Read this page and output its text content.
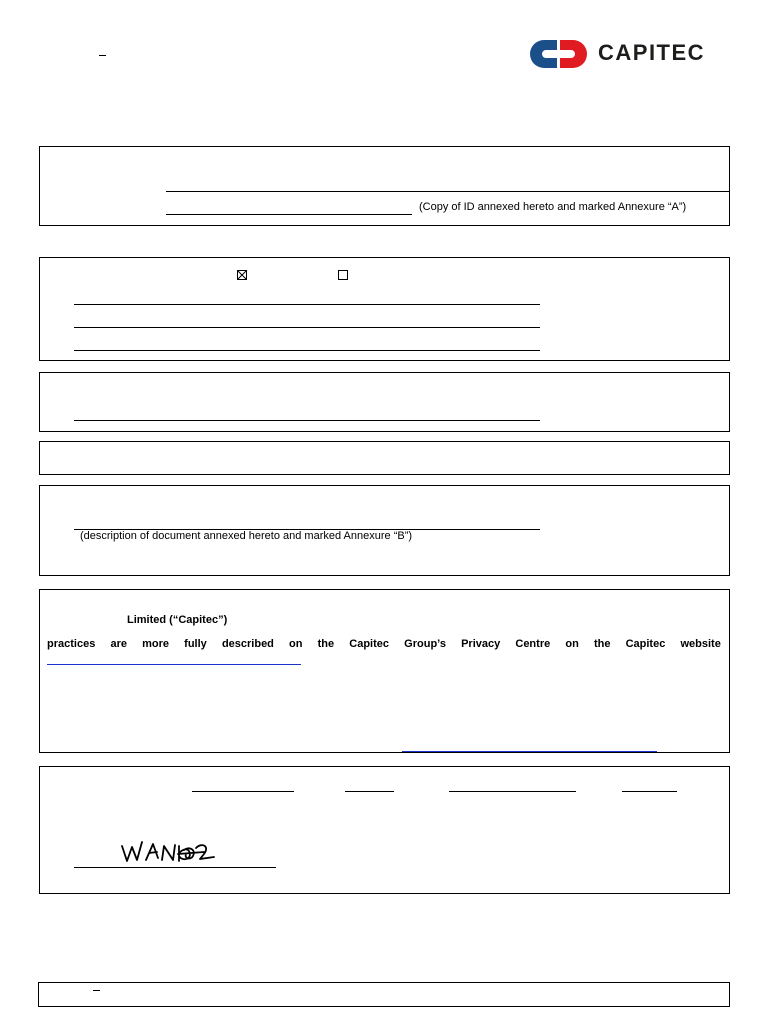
CAPITEC
(Copy of ID annexed hereto and marked Annexure “A”)
(description of document annexed hereto and marked Annexure “B”)
Limited (“Capitec”)
practices are more fully described on the Capitec Group’s Privacy Centre on the Capitec website
